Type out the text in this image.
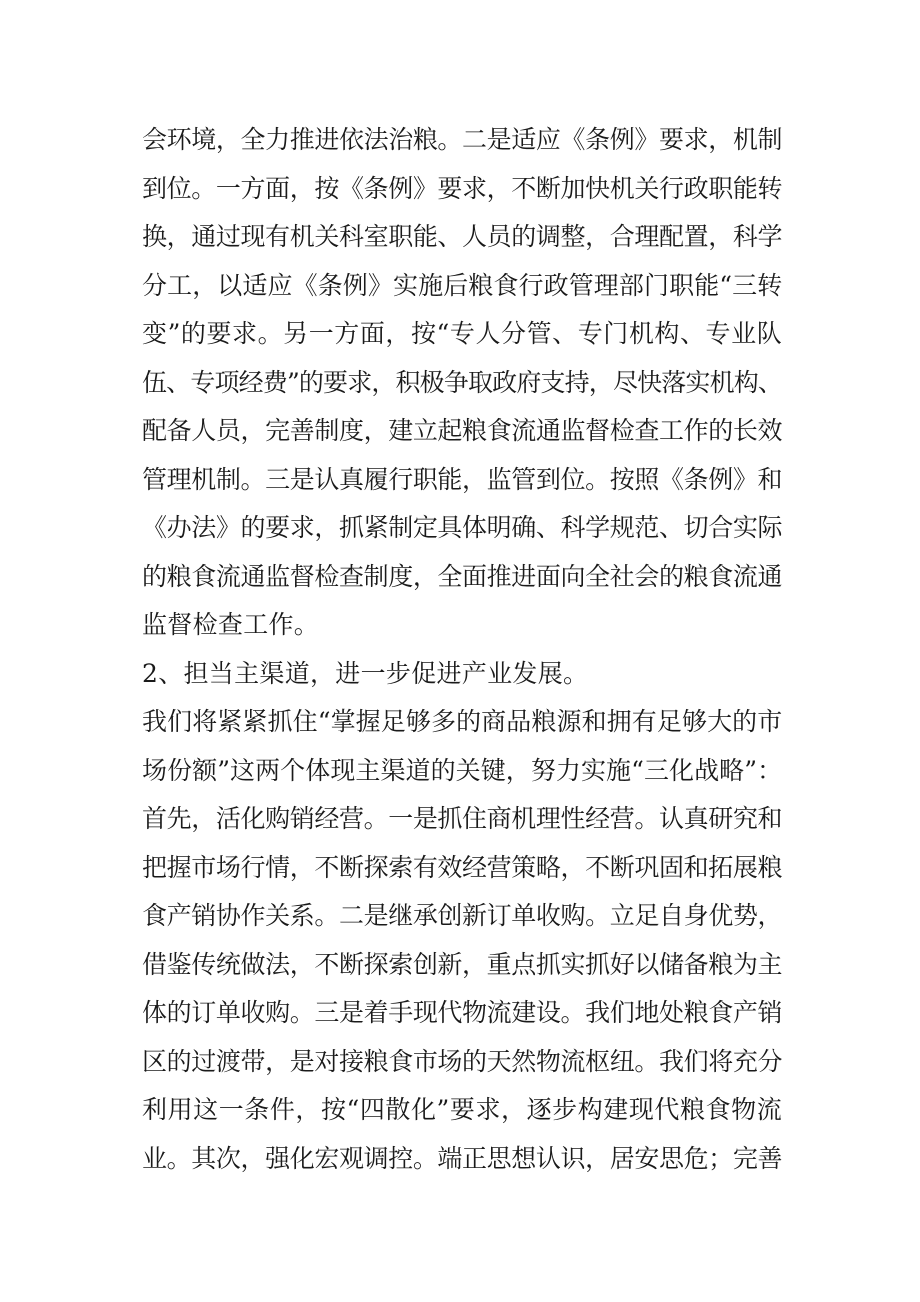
会环境，全力推进依法治粮。二是适应《条例》要求，机制
到位。一方面，按《条例》要求，不断加快机关行政职能转
换，通过现有机关科室职能、人员的调整，合理配置，科学
分工，以适应《条例》实施后粮食行政管理部门职能“三转
变”的要求。另一方面，按“专人分管、专门机构、专业队
伍、专项经费”的要求，积极争取政府支持，尽快落实机构、
配备人员，完善制度，建立起粮食流通监督检查工作的长效
管理机制。三是认真履行职能，监管到位。按照《条例》和
《办法》的要求，抓紧制定具体明确、科学规范、切合实际
的粮食流通监督检查制度，全面推进面向全社会的粮食流通
监督检查工作。
2、担当主渠道，进一步促进产业发展。
我们将紧紧抓住“掌握足够多的商品粮源和拥有足够大的市
场份额”这两个体现主渠道的关键，努力实施“三化战略”：
首先，活化购销经营。一是抓住商机理性经营。认真研究和
把握市场行情，不断探索有效经营策略，不断巩固和拓展粮
食产销协作关系。二是继承创新订单收购。立足自身优势，
借鉴传统做法，不断探索创新，重点抓实抓好以储备粮为主
体的订单收购。三是着手现代物流建设。我们地处粮食产销
区的过渡带，是对接粮食市场的天然物流枢纽。我们将充分
利用这一条件，按“四散化”要求，逐步构建现代粮食物流
业。其次，强化宏观调控。端正思想认识，居安思危；完善
